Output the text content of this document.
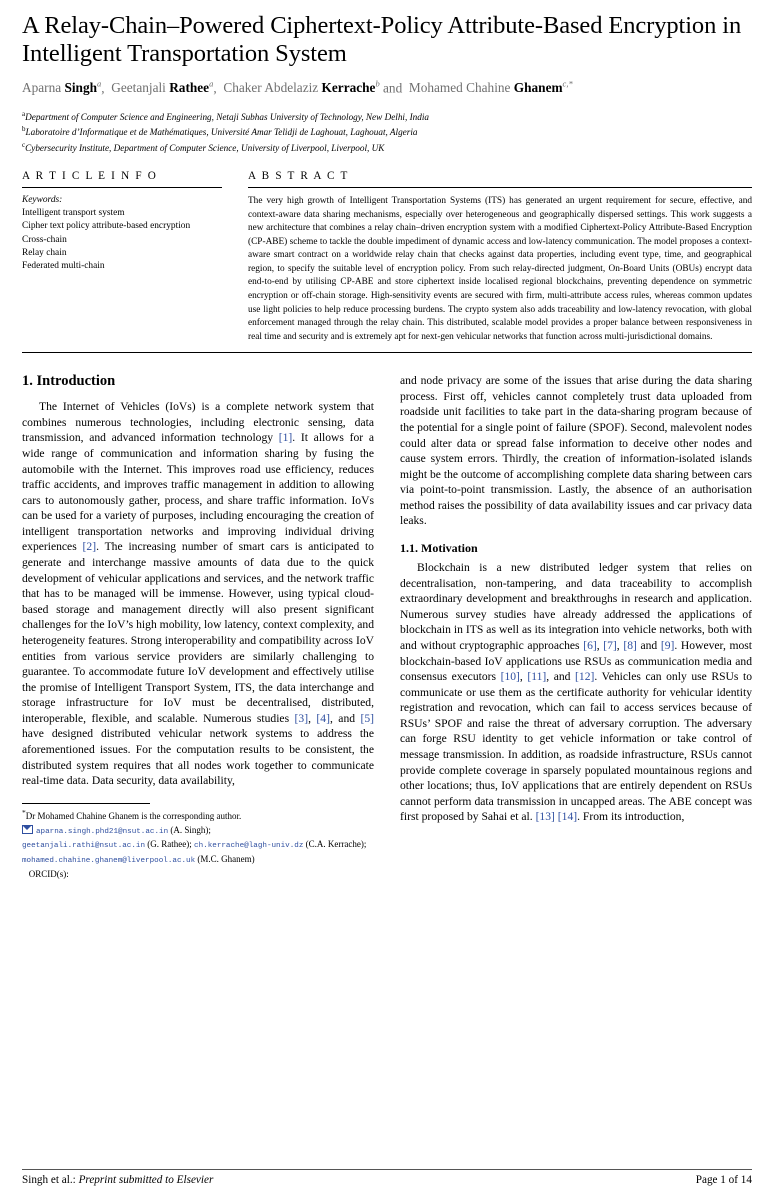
A Relay-Chain–Powered Ciphertext-Policy Attribute-Based Encryption in Intelligent Transportation System
Aparna Singh$^a$,  Geetanjali Rathee$^a$,  Chaker Abdelaziz Kerrache$^b$ and Mohamed Chahine Ghanem$^{c,*}$
$^a$Department of Computer Science and Engineering, Netaji Subhas University of Technology, New Delhi, India
$^b$Laboratoire d’Informatique et de Mathématiques, Université Amar Telidji de Laghouat, Laghouat, Algeria
$^c$Cybersecurity Institute, Department of Computer Science, University of Liverpool, Liverpool, UK
A R T I C L E I N F O
Keywords:
Intelligent transport system
Cipher text policy attribute-based encryption
Cross-chain
Relay chain
Federated multi-chain
A B S T R A C T
The very high growth of Intelligent Transportation Systems (ITS) has generated an urgent requirement for secure, effective, and context-aware data sharing mechanisms, especially over heterogeneous and geographically dispersed settings. This work suggests a new architecture that combines a relay chain–driven encryption system with a modified Ciphertext-Policy Attribute-Based Encryption (CP-ABE) scheme to tackle the double impediment of dynamic access and low-latency communication. The model proposes a context-aware smart contract on a worldwide relay chain that checks against data properties, including event type, time, and geographical region, to specify the suitable level of encryption policy. From such relay-directed judgment, On-Board Units (OBUs) encrypt data end-to-end by utilising CP-ABE and store ciphertext inside localised regional blockchains, preventing dependence on symmetric encryption or off-chain storage. High-sensitivity events are secured with firm, multi-attribute access rules, whereas common updates use light policies to help reduce processing burdens. The crypto system also adds traceability and low-latency revocation, with global enforcement managed through the relay chain. This distributed, scalable model provides a proper balance between responsiveness in real time and security and is extremely apt for next-gen vehicular networks that function across multi-jurisdictional domains.
1. Introduction

The Internet of Vehicles (IoVs) is a complete network system that combines numerous technologies, including electronic sensing, data transmission, and advanced information technology [1]. It allows for a wide range of communication and information sharing by fusing the automobile with the Internet. This improves road use efficiency, reduces traffic accidents, and improves traffic management in addition to allowing cars to autonomously gather, process, and share traffic information. IoVs can be used for a variety of purposes, including encouraging the creation of intelligent transportation networks and improving individual driving experiences [2]. The increasing number of smart cars is anticipated to generate and interchange massive amounts of data due to the quick development of vehicular applications and services, and the network traffic that has to be managed will be immense. However, using typical cloud-based storage and management directly will also present significant challenges for the IoV’s high mobility, low latency, context complexity, and heterogeneity features. Strong interoperability and compatibility across IoV entities from various service providers are similarly challenging to guarantee. To accommodate future IoV development and effectively utilise the promise of Intelligent Transport System, ITS, the data interchange and storage infrastructure for IoV must be decentralised, distributed, interoperable, flexible, and scalable. Numerous studies [3], [4], and [5] have designed distributed vehicular network systems to address the aforementioned issues. For the computation results to be consistent, the distributed system requires that all nodes work together to communicate real-time data. Data security, data availability,

*Dr Mohamed Chahine Ghanem is the corresponding author.
aparna.singh.phd21@nsut.ac.in (A. Singh);
geetanjali.rathi@nsut.ac.in (G. Rathee); ch.kerrache@lagh-univ.dz (C.A. Kerrache);
mohamed.chahine.ghanem@liverpool.ac.uk (M.C. Ghanem)
ORCID(s):

and node privacy are some of the issues that arise during the data sharing process. First off, vehicles cannot completely trust data uploaded from roadside unit facilities to take part in the data-sharing program because of the potential for a single point of failure (SPOF). Second, malevolent nodes could alter data or spread false information to deceive other nodes and cause system errors. Thirdly, the creation of information-isolated islands might be the outcome of accomplishing complete data sharing between cars via point-to-point transmission. Lastly, the absence of an authorisation method raises the possibility of data availability issues and car privacy data leaks.

1.1. Motivation

Blockchain is a new distributed ledger system that relies on decentralisation, non-tampering, and data traceability to accomplish extraordinary development and breakthroughs in research and application. Numerous survey studies have already addressed the applications of blockchain in ITS as well as its integration into vehicle networks, both with and without cryptographic approaches [6], [7], [8] and [9]. However, most blockchain-based IoV applications use RSUs as communication media and consensus executors [10], [11], and [12]. Vehicles can only use RSUs to communicate or use them as the certificate authority for vehicular identity registration and revocation, which can fail to access services because of RSUs’ SPOF and raise the threat of adversary corruption. The adversary can forge RSU identity to get vehicle information or take control of message transmission. In addition, as roadside infrastructure, RSUs cannot provide complete coverage in sparsely populated mountainous regions and other locations; thus, IoV applications that are entirely dependent on RSUs cannot perform data transmission in uncapped areas. The ABE concept was first proposed by Sahai et al. [13] [14]. From its introduction,

Singh et al.: Preprint submitted to Elsevier	Page 1 of 14
